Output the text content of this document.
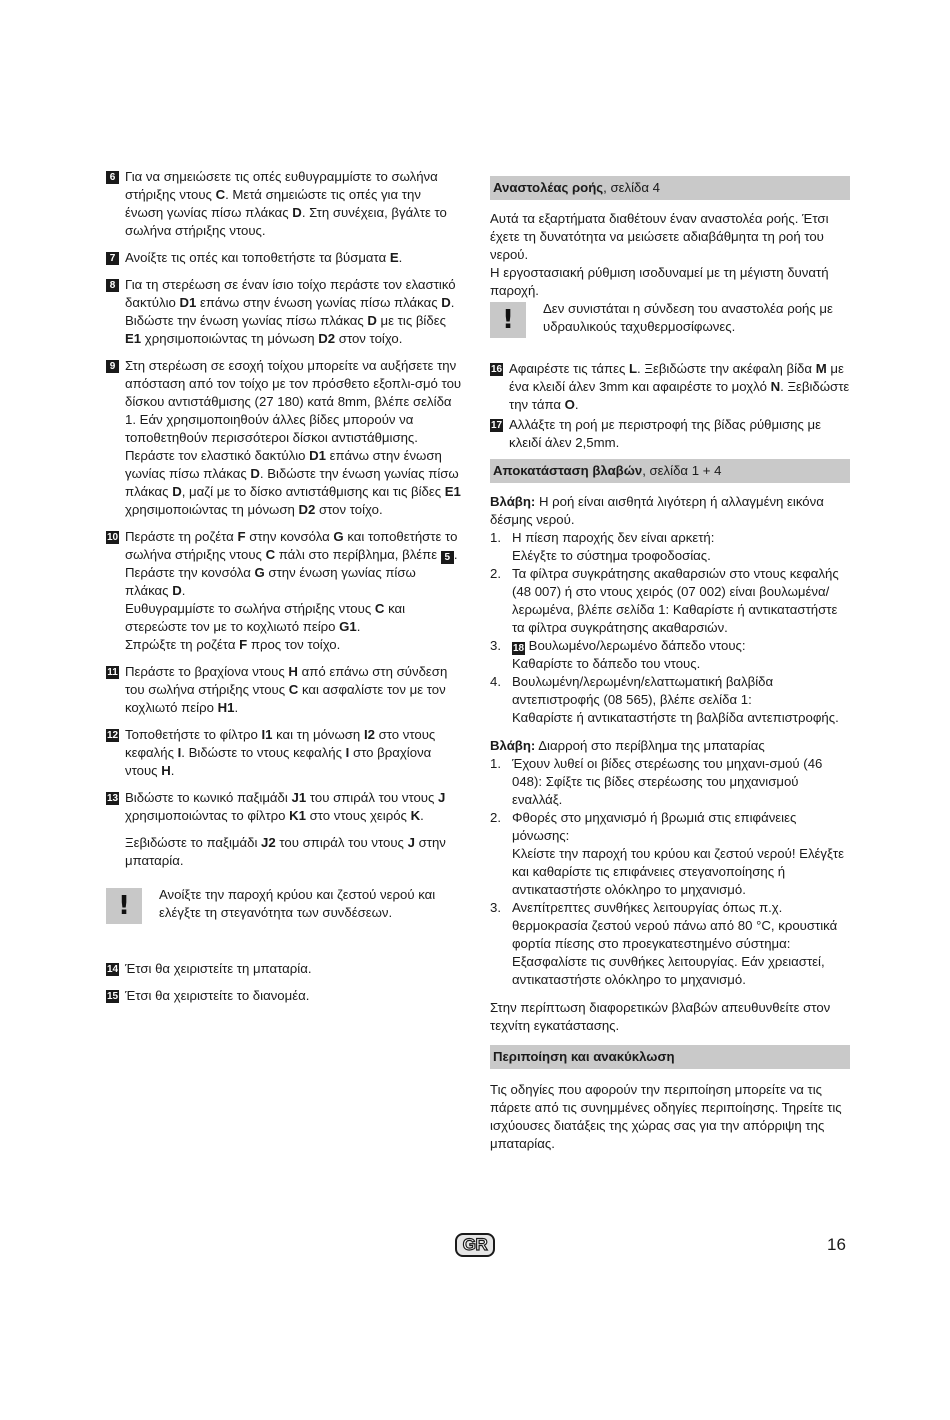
6 Για να σημειώσετε τις οπές ευθυγραμμίστε το σωλήνα στήριξης ντους C. Μετά σημειώστε τις οπές για την ένωση γωνίας πίσω πλάκας D. Στη συνέχεια, βγάλτε το σωλήνα στήριξης ντους.
7 Ανοίξτε τις οπές και τοποθετήστε τα βύσματα E.
8 Για τη στερέωση σε έναν ίσιο τοίχο περάστε τον ελαστικό δακτύλιο D1 επάνω στην ένωση γωνίας πίσω πλάκας D. Βιδώστε την ένωση γωνίας πίσω πλάκας D με τις βίδες E1 χρησιμοποιώντας τη μόνωση D2 στον τοίχο.
9 Στη στερέωση σε εσοχή τοίχου μπορείτε να αυξήσετε την απόσταση από τον τοίχο με τον πρόσθετο εξοπλι-σμό του δίσκου αντιστάθμισης (27 180) κατά 8mm, βλέπε σελίδα 1. Εάν χρησιμοποιηθούν άλλες βίδες μπορούν να τοποθετηθούν περισσότεροι δίσκοι αντιστάθμισης. Περάστε τον ελαστικό δακτύλιο D1 επάνω στην ένωση γωνίας πίσω πλάκας D. Βιδώστε την ένωση γωνίας πίσω πλάκας D, μαζί με το δίσκο αντιστάθμισης και τις βίδες E1 χρησιμοποιώντας τη μόνωση D2 στον τοίχο.
10 Περάστε τη ροζέτα F στην κονσόλα G και τοποθετήστε το σωλήνα στήριξης ντους C πάλι στο περίβλημα, βλέπε 5 .
Περάστε την κονσόλα G στην ένωση γωνίας πίσω πλάκας D.
Ευθυγραμμίστε το σωλήνα στήριξης ντους C και στερεώστε τον με το κοχλιωτό πείρο G1.
Σπρώξτε τη ροζέτα F προς τον τοίχο.
11 Περάστε το βραχίονα ντους H από επάνω στη σύνδεση του σωλήνα στήριξης ντους C και ασφαλίστε τον με τον κοχλιωτό πείρο H1.
12 Τοποθετήστε το φίλτρο I1 και τη μόνωση I2 στο ντους κεφαλής I. Βιδώστε το ντους κεφαλής I στο βραχίονα ντους H.
13 Βιδώστε το κωνικό παξιμάδι J1 του σπιράλ του ντους J χρησιμοποιώντας το φίλτρο K1 στο ντους χειρός K.
Ξεβιδώστε το παξιμάδι J2 του σπιράλ του ντους J στην μπαταρία.
!	Ανοίξτε την παροχή κρύου και ζεστού νερού και ελέγξτε τη στεγανότητα των συνδέσεων.
14 Έτσι θα χειριστείτε τη μπαταρία.
15 Έτσι θα χειριστείτε το διανομέα.
Αναστολέας ροής, σελίδα 4

Αυτά τα εξαρτήματα διαθέτουν έναν αναστολέα ροής. Έτσι έχετε τη δυνατότητα να μειώσετε αδιαβάθμητα τη ροή του νερού.

Η εργοστασιακή ρύθμιση ισοδυναμεί με τη μέγιστη δυνατή παροχή.

!	Δεν συνιστάται η σύνδεση του αναστολέα ροής με υδραυλικούς ταχυθερμοσίφωνες.
16 Αφαιρέστε τις τάπες L. Ξεβιδώστε την ακέφαλη βίδα M με ένα κλειδί άλεν 3mm και αφαιρέστε το μοχλό N. Ξεβιδώστε την τάπα O.
17 Αλλάξτε τη ροή με περιστροφή της βίδας ρύθμισης με κλειδί άλεν 2,5mm.
Αποκατάσταση βλαβών, σελίδα 1 + 4

Βλάβη: Η ροή είναι αισθητά λιγότερη ή αλλαγμένη εικόνα δέσμης νερού.

1. Η πίεση παροχής δεν είναι αρκετή:
Ελέγξτε το σύστημα τροφοδοσίας.
2. Τα φίλτρα συγκράτησης ακαθαρσιών στο ντους κεφαλής (48 007) ή στο ντους χειρός (07 002) είναι βουλωμένα/λερωμένα, βλέπε σελίδα 1: Καθαρίστε ή αντικαταστήστε τα φίλτρα συγκράτησης ακαθαρσιών.
3. 18 Βουλωμένο/λερωμένο δάπεδο ντους:
Καθαρίστε το δάπεδο του ντους.
4. Βουλωμένη/λερωμένη/ελαττωματική βαλβίδα αντεπιστροφής (08 565), βλέπε σελίδα 1:
Καθαρίστε ή αντικαταστήστε τη βαλβίδα αντεπιστροφής.

Βλάβη: Διαρροή στο περίβλημα της μπαταρίας

1. Έχουν λυθεί οι βίδες στερέωσης του μηχανι-σμού (46 048): Σφίξτε τις βίδες στερέωσης του μηχανισμού εναλλάξ.
2. Φθορές στο μηχανισμό ή βρωμιά στις επιφάνειες μόνωσης:
Κλείστε την παροχή του κρύου και ζεστού νερού! Ελέγξτε και καθαρίστε τις επιφάνειες στεγανοποίησης ή αντικαταστήστε ολόκληρο το μηχανισμό.
3. Ανεπίτρεπτες συνθήκες λειτουργίας όπως π.χ. θερμοκρασία ζεστού νερού πάνω από 80 °C, κρουστικά φορτία πίεσης στο προεγκατεστημένο σύστημα:
Εξασφαλίστε τις συνθήκες λειτουργίας. Εάν χρειαστεί, αντικαταστήστε ολόκληρο το μηχανισμό.

Στην περίπτωση διαφορετικών βλαβών απευθυνθείτε στον τεχνίτη εγκατάστασης.

Περιποίηση και ανακύκλωση

Τις οδηγίες που αφορούν την περιποίηση μπορείτε να τις πάρετε από τις συνημμένες οδηγίες περιποίησης. Τηρείτε τις ισχύουσες διατάξεις της χώρας σας για την απόρριψη της μπαταρίας.

GR	16
